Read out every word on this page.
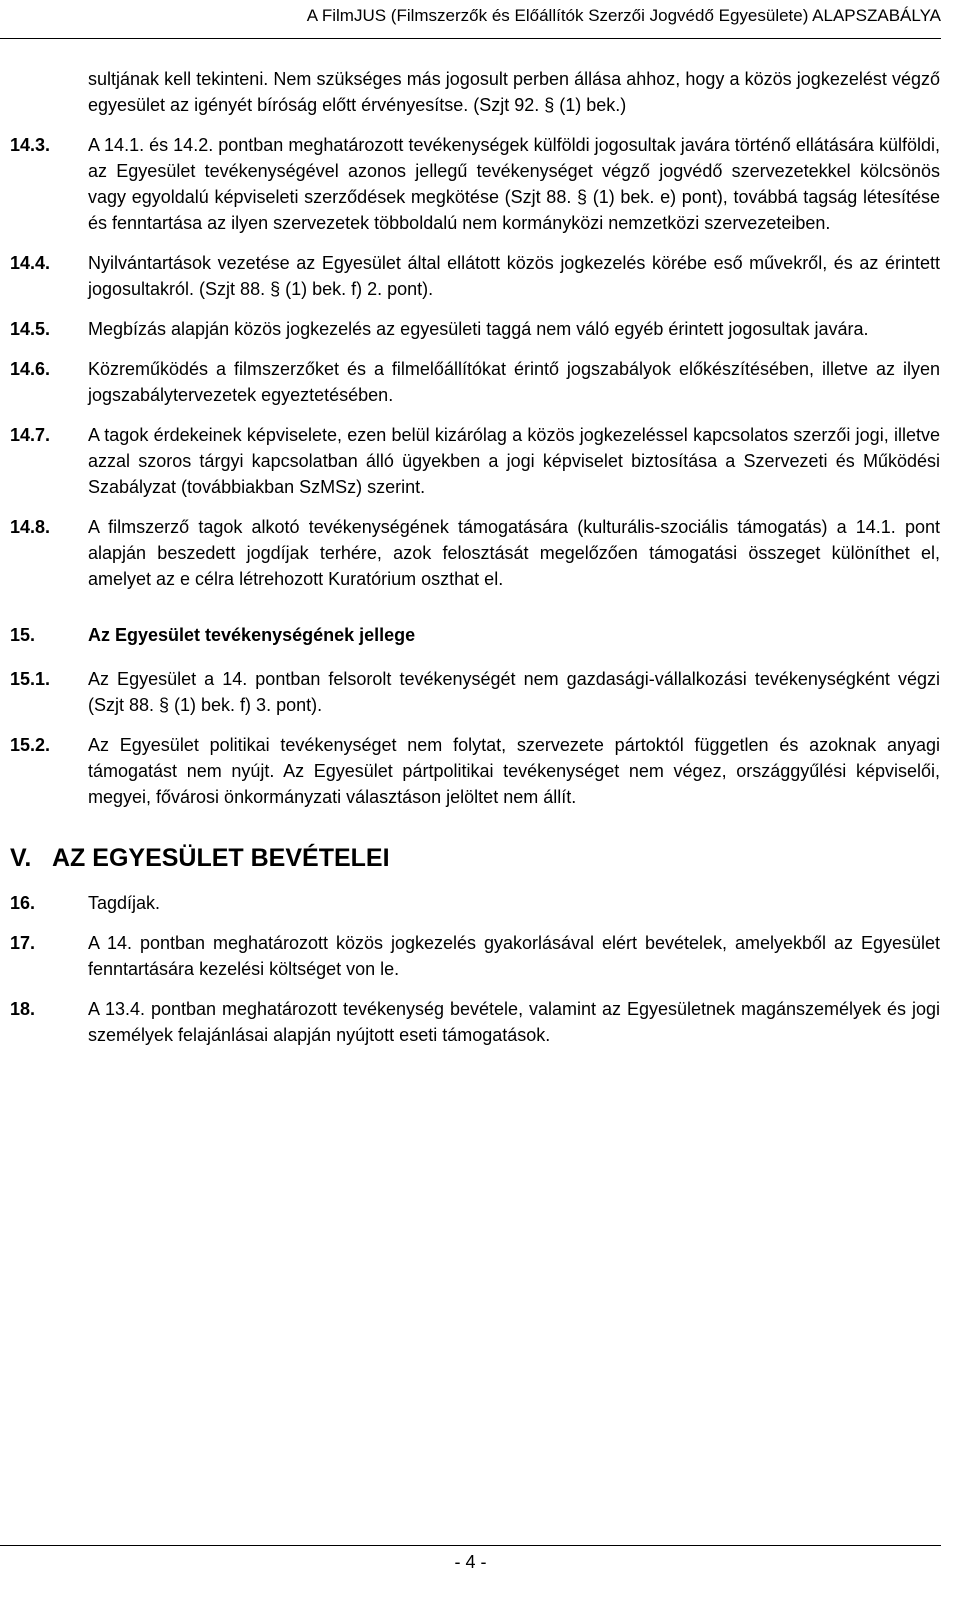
A FilmJUS (Filmszerzők és Előállítók Szerzői Jogvédő Egyesülete) ALAPSZABÁLYA

sultjának kell tekinteni. Nem szükséges más jogosult perben állása ahhoz, hogy a közös jogkezelést végző egyesület az igényét bíróság előtt érvényesítse. (Szjt 92. § (1) bek.)

14.3. A 14.1. és 14.2. pontban meghatározott tevékenységek külföldi jogosultak javára történő ellátására külföldi, az Egyesület tevékenységével azonos jellegű tevékenységet végző jogvédő szervezetekkel kölcsönös vagy egyoldalú képviseleti szerződések megkötése (Szjt 88. § (1) bek. e) pont), továbbá tagság létesítése és fenntartása az ilyen szervezetek többoldalú nem kormányközi nemzetközi szervezeteiben.
14.4. Nyilvántartások vezetése az Egyesület által ellátott közös jogkezelés körébe eső művekről, és az érintett jogosultakról. (Szjt 88. § (1) bek. f) 2. pont).
14.5. Megbízás alapján közös jogkezelés az egyesületi taggá nem váló egyéb érintett jogosultak javára.
14.6. Közreműködés a filmszerzőket és a filmelőállítókat érintő jogszabályok előkészítésében, illetve az ilyen jogszabálytervezetek egyeztetésében.
14.7. A tagok érdekeinek képviselete, ezen belül kizárólag a közös jogkezeléssel kapcsolatos szerzői jogi, illetve azzal szoros tárgyi kapcsolatban álló ügyekben a jogi képviselet biztosítása a Szervezeti és Működési Szabályzat (továbbiakban SzMSz) szerint.
14.8. A filmszerző tagok alkotó tevékenységének támogatására (kulturális-szociális támogatás) a 14.1. pont alapján beszedett jogdíjak terhére, azok felosztását megelőzően támogatási összeget különíthet el, amelyet az e célra létrehozott Kuratórium oszthat el.
15.	Az Egyesület tevékenységének jellege
15.1. Az Egyesület a 14. pontban felsorolt tevékenységét nem gazdasági-vállalkozási tevékenységként végzi (Szjt 88. § (1) bek. f) 3. pont).
15.2. Az Egyesület politikai tevékenységet nem folytat, szervezete pártoktól független és azoknak anyagi támogatást nem nyújt. Az Egyesület pártpolitikai tevékenységet nem végez, országgyűlési képviselői, megyei, fővárosi önkormányzati választáson jelöltet nem állít.
V. AZ EGYESÜLET BEVÉTELEI
16.	Tagdíjak.
17.	A 14. pontban meghatározott közös jogkezelés gyakorlásával elért bevételek, amelyekből az Egyesület fenntartására kezelési költséget von le.
18.	A 13.4. pontban meghatározott tevékenység bevétele, valamint az Egyesületnek magánszemélyek és jogi személyek felajánlásai alapján nyújtott eseti támogatások.
- 4 -
